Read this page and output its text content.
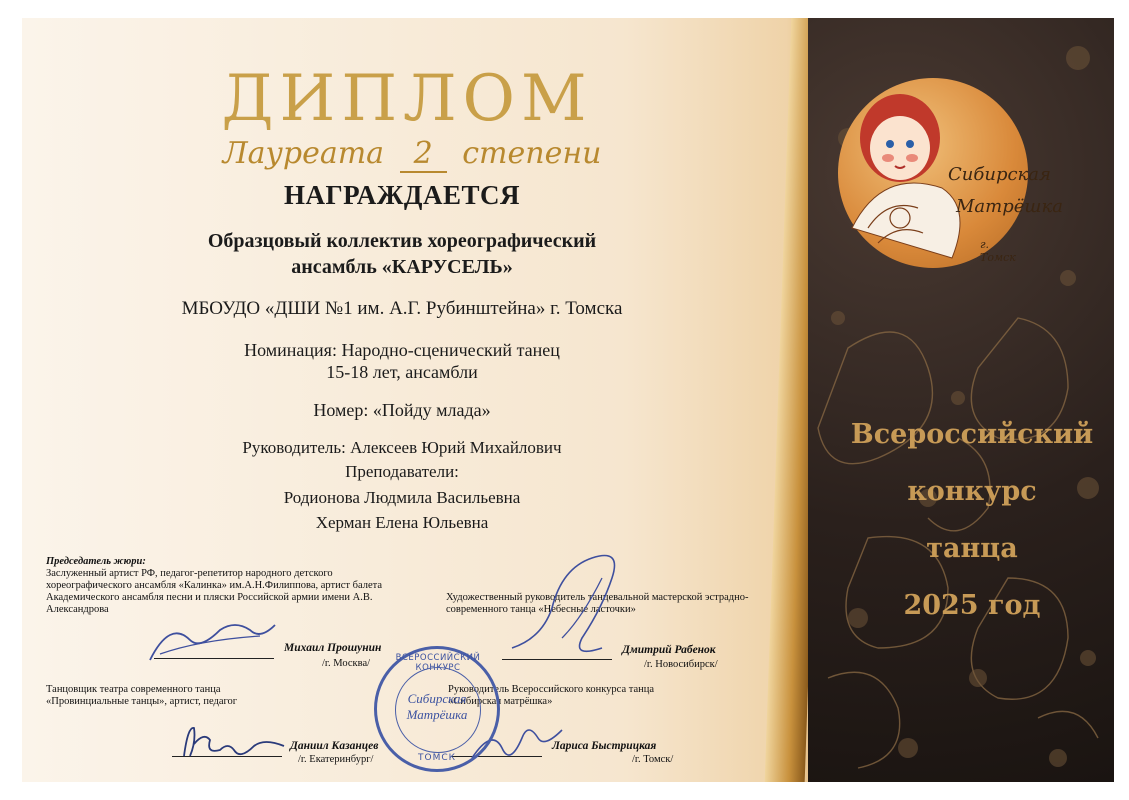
Сибирская
Матрёшка
г. Томск
Всероссийский
конкурс
танца
2025 год
ДИПЛОМ
Лауреата 2 степени
НАГРАЖДАЕТСЯ
Образцовый коллектив хореографический
ансамбль «КАРУСЕЛЬ»
МБОУДО «ДШИ №1 им. А.Г. Рубинштейна» г. Томска
Номинация: Народно-сценический танец
15-18 лет, ансамбли
Номер: «Пойду млада»
Руководитель: Алексеев Юрий Михайлович
Преподаватели:
Родионова Людмила Васильевна
Херман Елена Юльевна
Председатель жюри:
Заслуженный артист РФ, педагог-репетитор народного детского хореографического ансамбля «Калинка» им.А.Н.Филиппова, артист балета Академического ансамбля песни и пляски Российской армии имени А.В. Александрова
Михаил Прошунин
/г. Москва/
Художественный руководитель танцевальной мастерской эстрадно-современного танца «Небесные ласточки»
Дмитрий Рабенок
/г. Новосибирск/
Танцовщик театра современного танца «Провинциальные танцы», артист, педагог
Даниил Казанцев
/г. Екатеринбург/
Руководитель Всероссийского конкурса танца «Сибирская матрёшка»
Лариса Быстрицкая
/г. Томск/
ВСЕРОССИЙСКИЙ КОНКУРС
Сибирская
Матрёшка
ТОМСК
